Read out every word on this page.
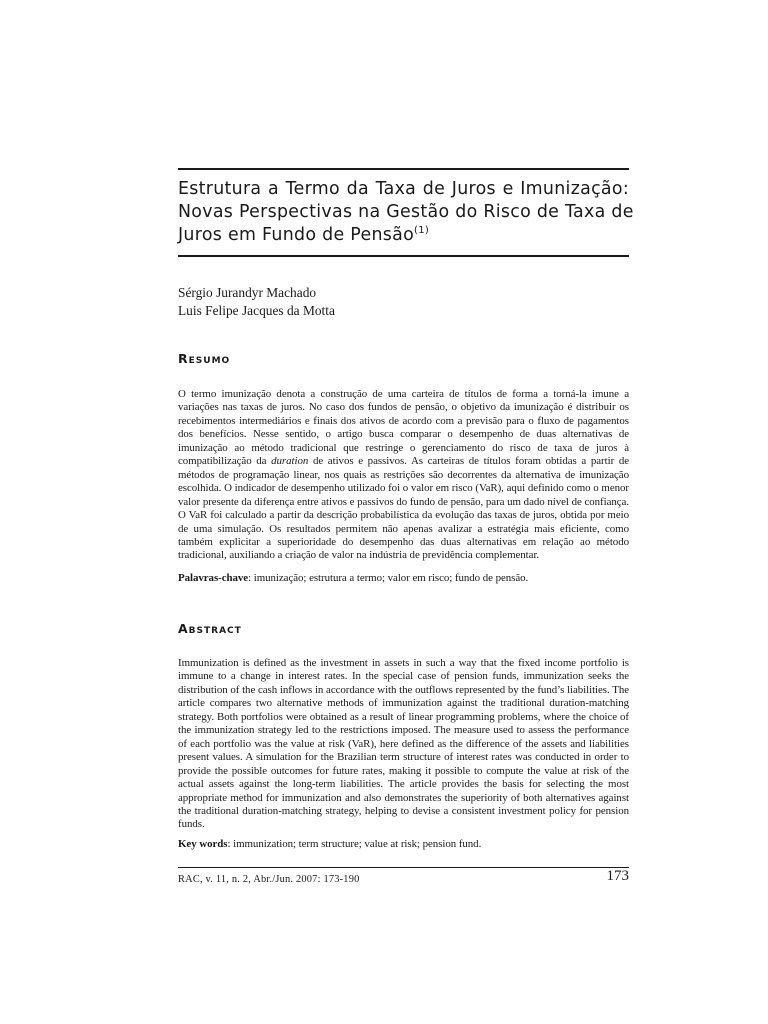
Estrutura a Termo da Taxa de Juros e Imunização:
Novas Perspectivas na Gestão do Risco de Taxa de
Juros em Fundo de Pensão$^{(1)}$
Sérgio Jurandyr Machado
Luis Felipe Jacques da Motta
Resumo

O termo imunização denota a construção de uma carteira de títulos de forma a torná-la imune a variações nas taxas de juros. No caso dos fundos de pensão, o objetivo da imunização é distribuir os recebimentos intermediários e finais dos ativos de acordo com a previsão para o fluxo de pagamentos dos benefícios. Nesse sentido, o artigo busca comparar o desempenho de duas alternativas de imunização ao método tradicional que restringe o gerenciamento do risco de taxa de juros à compatibilização da duration de ativos e passivos. As carteiras de títulos foram obtidas a partir de métodos de programação linear, nos quais as restrições são decorrentes da alternativa de imunização escolhida. O indicador de desempenho utilizado foi o valor em risco (VaR), aqui definido como o menor valor presente da diferença entre ativos e passivos do fundo de pensão, para um dado nível de confiança. O VaR foi calculado a partir da descrição probabilística da evolução das taxas de juros, obtida por meio de uma simulação. Os resultados permitem não apenas avalizar a estratégia mais eficiente, como também explicitar a superioridade do desempenho das duas alternativas em relação ao método tradicional, auxiliando a criação de valor na indústria de previdência complementar.

Palavras-chave: imunização; estrutura a termo; valor em risco; fundo de pensão.

Abstract

Immunization is defined as the investment in assets in such a way that the fixed income portfolio is immune to a change in interest rates. In the special case of pension funds, immunization seeks the distribution of the cash inflows in accordance with the outflows represented by the fund’s liabilities. The article compares two alternative methods of immunization against the traditional duration-matching strategy. Both portfolios were obtained as a result of linear programming problems, where the choice of the immunization strategy led to the restrictions imposed. The measure used to assess the performance of each portfolio was the value at risk (VaR), here defined as the difference of the assets and liabilities present values. A simulation for the Brazilian term structure of interest rates was conducted in order to provide the possible outcomes for future rates, making it possible to compute the value at risk of the actual assets against the long-term liabilities. The article provides the basis for selecting the most appropriate method for immunization and also demonstrates the superiority of both alternatives against the traditional duration-matching strategy, helping to devise a consistent investment policy for pension funds.

Key words: immunization; term structure; value at risk; pension fund.

RAC, v. 11, n. 2, Abr./Jun. 2007: 173-190	173
